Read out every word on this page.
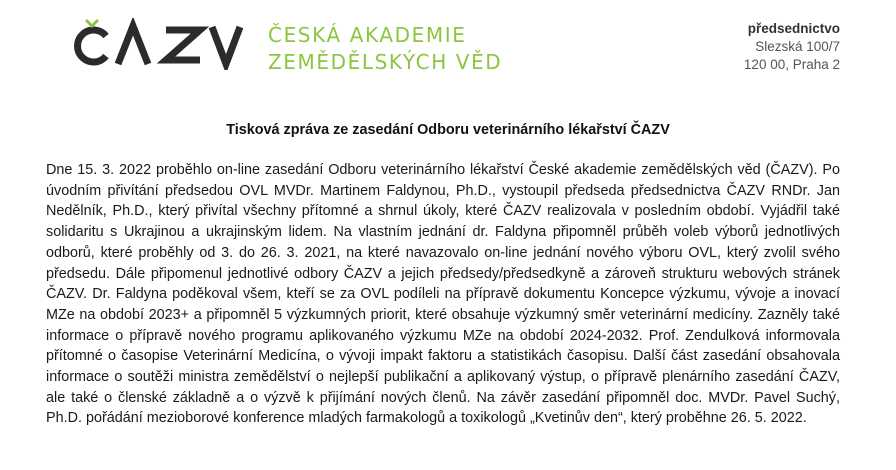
ČESKÁ AKADEMIE
ZEMĚDĚLSKÝCH VĚD
předsednictvo
Slezská 100/7
120 00, Praha 2
Tisková zpráva ze zasedání Odboru veterinárního lékařství ČAZV
Dne 15. 3. 2022 proběhlo on-line zasedání Odboru veterinárního lékařství České akademie zemědělských věd (ČAZV). Po úvodním přivítání předsedou OVL MVDr. Martinem Faldynou, Ph.D., vystoupil předseda předsednictva ČAZV RNDr. Jan Nedělník, Ph.D., který přivítal všechny přítomné a shrnul úkoly, které ČAZV realizovala v posledním období. Vyjádřil také solidaritu s Ukrajinou a ukrajinským lidem. Na vlastním jednání dr. Faldyna připomněl průběh voleb výborů jednotlivých odborů, které proběhly od 3. do 26. 3. 2021, na které navazovalo on-line jednání nového výboru OVL, který zvolil svého předsedu. Dále připomenul jednotlivé odbory ČAZV a jejich předsedy/předsedkyně a zároveň strukturu webových stránek ČAZV. Dr. Faldyna poděkoval všem, kteří se za OVL podíleli na přípravě dokumentu Koncepce výzkumu, vývoje a inovací MZe na období 2023+ a připomněl 5 výzkumných priorit, které obsahuje výzkumný směr veterinární medicíny. Zazněly také informace o přípravě nového programu aplikovaného výzkumu MZe na období 2024-2032. Prof. Zendulková informovala přítomné o časopise Veterinární Medicína, o vývoji impakt faktoru a statistikách časopisu. Další část zasedání obsahovala informace o soutěži ministra zemědělství o nejlepší publikační a aplikovaný výstup, o přípravě plenárního zasedání ČAZV, ale také o členské základně a o výzvě k přijímání nových členů. Na závěr zasedání připomněl doc. MVDr. Pavel Suchý, Ph.D. pořádání mezioborové konference mladých farmakologů a toxikologů „Kvetinův den“, který proběhne 26. 5. 2022.
